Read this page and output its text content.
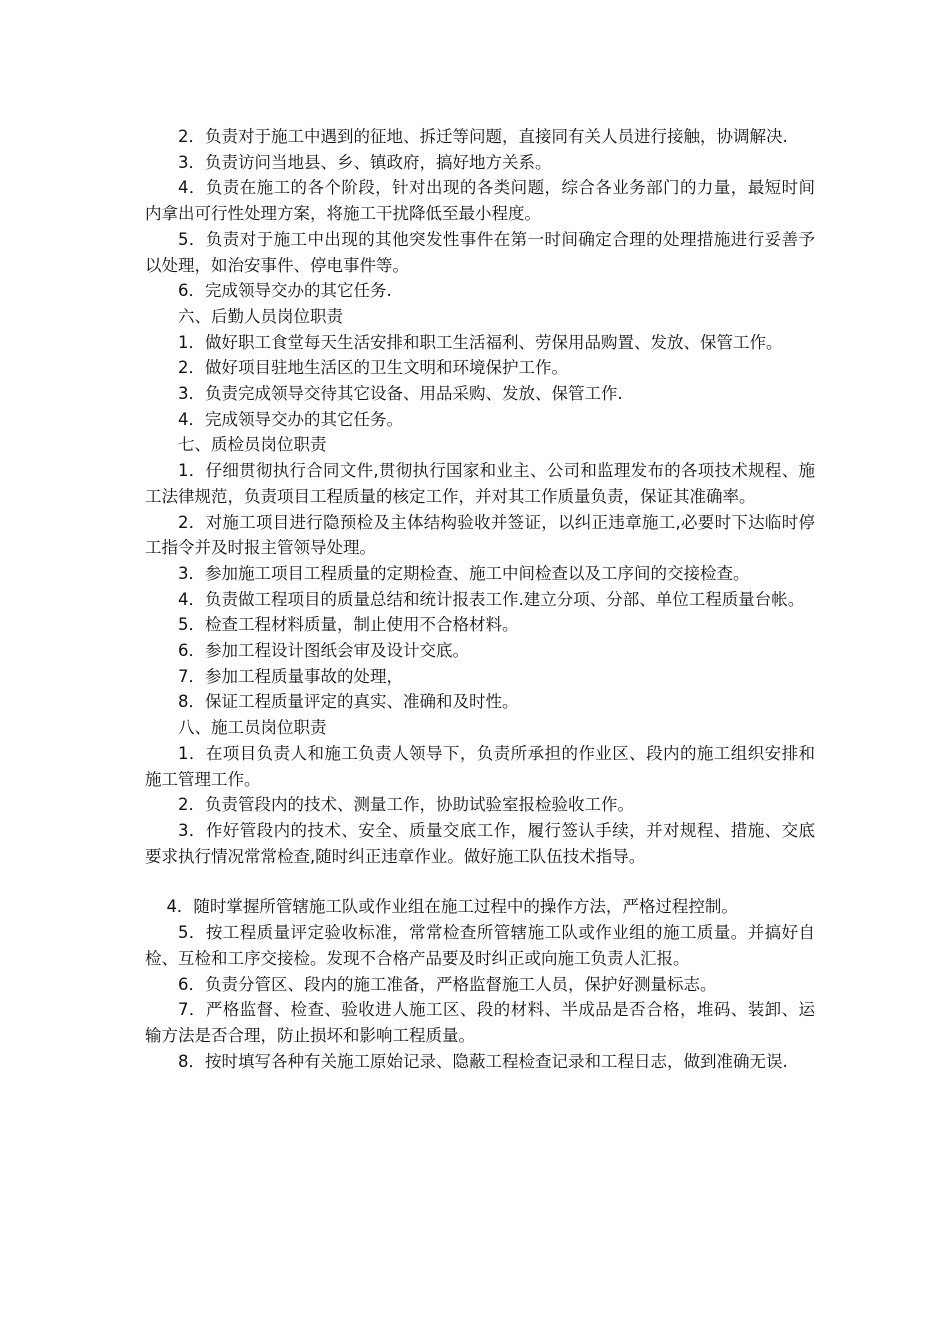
2．负责对于施工中遇到的征地、拆迁等问题，直接同有关人员进行接触，协调解决.

3．负责访问当地县、乡、镇政府，搞好地方关系。

4．负责在施工的各个阶段，针对出现的各类问题，综合各业务部门的力量，最短时间内拿出可行性处理方案，将施工干扰降低至最小程度。

5．负责对于施工中出现的其他突发性事件在第一时间确定合理的处理措施进行妥善予以处理，如治安事件、停电事件等。

6．完成领导交办的其它任务.

六、后勤人员岗位职责

1．做好职工食堂每天生活安排和职工生活福利、劳保用品购置、发放、保管工作。

2．做好项目驻地生活区的卫生文明和环境保护工作。

3．负责完成领导交待其它设备、用品采购、发放、保管工作.

4．完成领导交办的其它任务。

七、质检员岗位职责

1．仔细贯彻执行合同文件,贯彻执行国家和业主、公司和监理发布的各项技术规程、施工法律规范，负责项目工程质量的核定工作，并对其工作质量负责，保证其准确率。

2．对施工项目进行隐预检及主体结构验收并签证，以纠正违章施工,必要时下达临时停工指令并及时报主管领导处理。

3．参加施工项目工程质量的定期检查、施工中间检查以及工序间的交接检查。

4．负责做工程项目的质量总结和统计报表工作.建立分项、分部、单位工程质量台帐。

5．检查工程材料质量，制止使用不合格材料。

6．参加工程设计图纸会审及设计交底。

7．参加工程质量事故的处理，

8．保证工程质量评定的真实、准确和及时性。

八、施工员岗位职责

1．在项目负责人和施工负责人领导下，负责所承担的作业区、段内的施工组织安排和施工管理工作。

2．负责管段内的技术、测量工作，协助试验室报检验收工作。

3．作好管段内的技术、安全、质量交底工作，履行签认手续，并对规程、措施、交底要求执行情况常常检查,随时纠正违章作业。做好施工队伍技术指导。

4．随时掌握所管辖施工队或作业组在施工过程中的操作方法，严格过程控制。

5．按工程质量评定验收标准，常常检查所管辖施工队或作业组的施工质量。并搞好自检、互检和工序交接检。发现不合格产品要及时纠正或向施工负责人汇报。

6．负责分管区、段内的施工准备，严格监督施工人员，保护好测量标志。

7．严格监督、检查、验收进人施工区、段的材料、半成品是否合格，堆码、装卸、运输方法是否合理，防止损坏和影响工程质量。

8．按时填写各种有关施工原始记录、隐蔽工程检查记录和工程日志，做到准确无误.
